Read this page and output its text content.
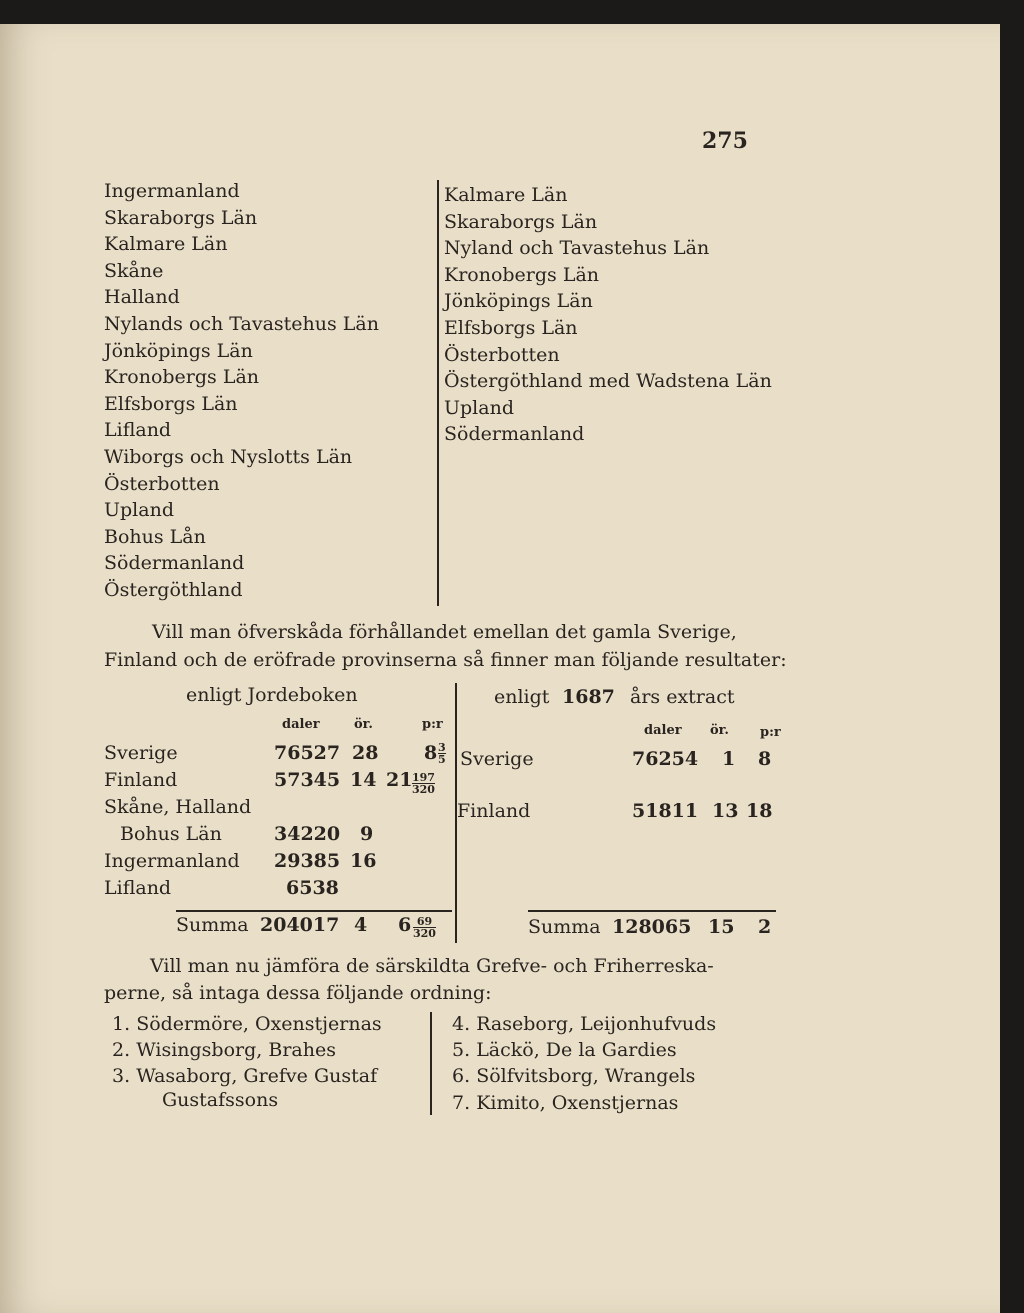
275
Ingermanland
Skaraborgs Län
Kalmare Län
Skåne
Halland
Nylands och Tavastehus Län
Jönköpings Län
Kronobergs Län
Elfsborgs Län
Lifland
Wiborgs och Nyslotts Län
Österbotten
Upland
Bohus Lån
Södermanland
Östergöthland
Kalmare Län
Skaraborgs Län
Nyland och Tavastehus Län
Kronobergs Län
Jönköpings Län
Elfsborgs Län
Österbotten
Östergöthland med Wadstena Län
Upland
Södermanland
Vill man öfverskåda förhållandet emellan det gamla Sverige,
Finland och de eröfrade provinserna så finner man följande resultater:
enligt Jordeboken
daler	ör.	p:r
Sverige	76527 28 $8 \frac{3}{5}$
Finland	57345 14 $21 \frac{197}{320}$
Skåne, Halland
Bohus Län	34220 9
Ingermanland 29385 16
Lifland	6538
Summa 204017 4 $6 \frac{69}{320}$
enligt 1687 års extract
daler ör. p:r
Sverige	76254 1 8
Finland	51811 13 18
Summa 128065 15 2
Vill man nu jämföra de särskildta Grefve- och Friherreska-
perne, så intaga dessa följande ordning:
1. Södermöre, Oxenstjernas
2. Wisingsborg, Brahes
3. Wasaborg, Grefve Gustaf
Gustafssons
4. Raseborg, Leijonhufvuds
5. Läckö, De la Gardies
6. Sölfvitsborg, Wrangels
7. Kimito, Oxenstjernas
